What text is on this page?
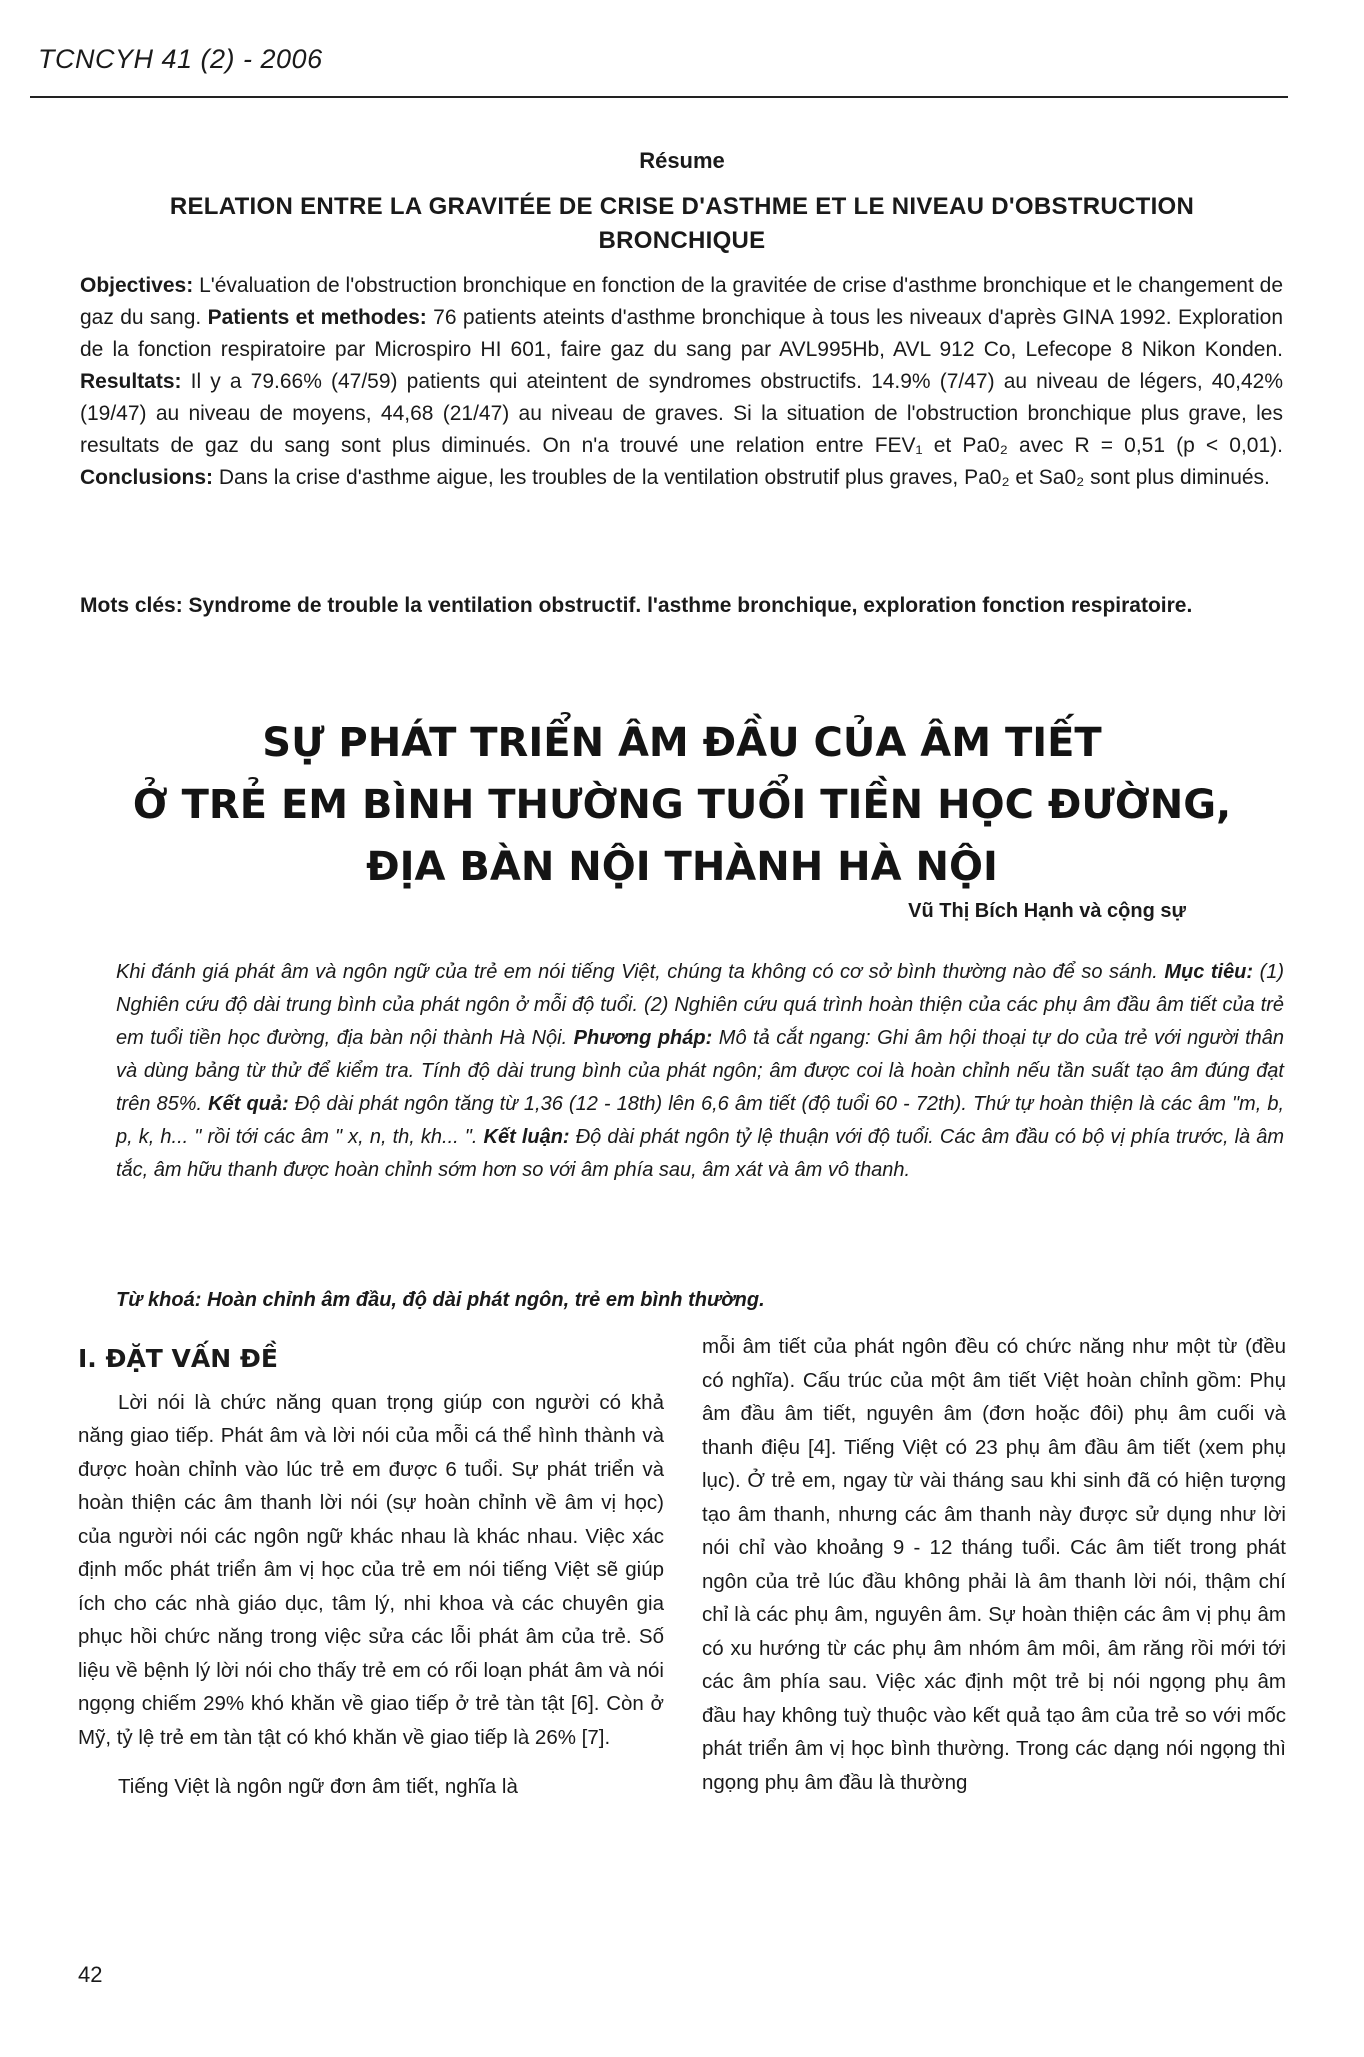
TCNCYH 41 (2) - 2006
Résume
RELATION ENTRE LA GRAVITÉE DE CRISE D'ASTHME ET LE NIVEAU D'OBSTRUCTION BRONCHIQUE
Objectives: L'évaluation de l'obstruction bronchique en fonction de la gravitée de crise d'asthme bronchique et le changement de gaz du sang. Patients et methodes: 76 patients ateints d'asthme bronchique à tous les niveaux d'après GINA 1992. Exploration de la fonction respiratoire par Microspiro HI 601, faire gaz du sang par AVL995Hb, AVL 912 Co, Lefecope 8 Nikon Konden. Resultats: Il y a 79.66% (47/59) patients qui ateintent de syndromes obstructifs. 14.9% (7/47) au niveau de légers, 40,42%(19/47) au niveau de moyens, 44,68 (21/47) au niveau de graves. Si la situation de l'obstruction bronchique plus grave, les resultats de gaz du sang sont plus diminués. On n'a trouvé une relation entre FEV₁ et Pa0₂ avec R = 0,51 (p < 0,01). Conclusions: Dans la crise d'asthme aigue, les troubles de la ventilation obstrutif plus graves, Pa0₂ et Sa0₂ sont plus diminués.
Mots clés: Syndrome de trouble la ventilation obstructif. l'asthme bronchique, exploration fonction respiratoire.
SỰ PHÁT TRIỂN ÂM ĐẦU CỦA ÂM TIẾT
Ở TRẺ EM BÌNH THƯỜNG TUỔI TIỀN HỌC ĐƯỜNG,
ĐỊA BÀN NỘI THÀNH HÀ NỘI
Vũ Thị Bích Hạnh và cộng sự
Khi đánh giá phát âm và ngôn ngữ của trẻ em nói tiếng Việt, chúng ta không có cơ sở bình thường nào để so sánh. Mục tiêu: (1) Nghiên cứu độ dài trung bình của phát ngôn ở mỗi độ tuổi. (2) Nghiên cứu quá trình hoàn thiện của các phụ âm đầu âm tiết của trẻ em tuổi tiền học đường, địa bàn nội thành Hà Nội. Phương pháp: Mô tả cắt ngang: Ghi âm hội thoại tự do của trẻ với người thân và dùng bảng từ thử để kiểm tra. Tính độ dài trung bình của phát ngôn; âm được coi là hoàn chỉnh nếu tần suất tạo âm đúng đạt trên 85%. Kết quả: Độ dài phát ngôn tăng từ 1,36 (12 - 18th) lên 6,6 âm tiết (độ tuổi 60 - 72th). Thứ tự hoàn thiện là các âm "m, b, p, k, h... " rồi tới các âm " x, n, th, kh... ". Kết luận: Độ dài phát ngôn tỷ lệ thuận với độ tuổi. Các âm đầu có bộ vị phía trước, là âm tắc, âm hữu thanh được hoàn chỉnh sớm hơn so với âm phía sau, âm xát và âm vô thanh.
Từ khoá: Hoàn chỉnh âm đầu, độ dài phát ngôn, trẻ em bình thường.
I. ĐẶT VẤN ĐỀ

Lời nói là chức năng quan trọng giúp con người có khả năng giao tiếp. Phát âm và lời nói của mỗi cá thể hình thành và được hoàn chỉnh vào lúc trẻ em được 6 tuổi. Sự phát triển và hoàn thiện các âm thanh lời nói (sự hoàn chỉnh về âm vị học) của người nói các ngôn ngữ khác nhau là khác nhau. Việc xác định mốc phát triển âm vị học của trẻ em nói tiếng Việt sẽ giúp ích cho các nhà giáo dục, tâm lý, nhi khoa và các chuyên gia phục hồi chức năng trong việc sửa các lỗi phát âm của trẻ. Số liệu về bệnh lý lời nói cho thấy trẻ em có rối loạn phát âm và nói ngọng chiếm 29% khó khăn về giao tiếp ở trẻ tàn tật [6]. Còn ở Mỹ, tỷ lệ trẻ em tàn tật có khó khăn về giao tiếp là 26% [7].

Tiếng Việt là ngôn ngữ đơn âm tiết, nghĩa là

mỗi âm tiết của phát ngôn đều có chức năng như một từ (đều có nghĩa). Cấu trúc của một âm tiết Việt hoàn chỉnh gồm: Phụ âm đầu âm tiết, nguyên âm (đơn hoặc đôi) phụ âm cuối và thanh điệu [4]. Tiếng Việt có 23 phụ âm đầu âm tiết (xem phụ lục). Ở trẻ em, ngay từ vài tháng sau khi sinh đã có hiện tượng tạo âm thanh, nhưng các âm thanh này được sử dụng như lời nói chỉ vào khoảng 9 - 12 tháng tuổi. Các âm tiết trong phát ngôn của trẻ lúc đầu không phải là âm thanh lời nói, thậm chí chỉ là các phụ âm, nguyên âm. Sự hoàn thiện các âm vị phụ âm có xu hướng từ các phụ âm nhóm âm môi, âm răng rồi mới tới các âm phía sau. Việc xác định một trẻ bị nói ngọng phụ âm đầu hay không tuỳ thuộc vào kết quả tạo âm của trẻ so với mốc phát triển âm vị học bình thường. Trong các dạng nói ngọng thì ngọng phụ âm đầu là thường

42
